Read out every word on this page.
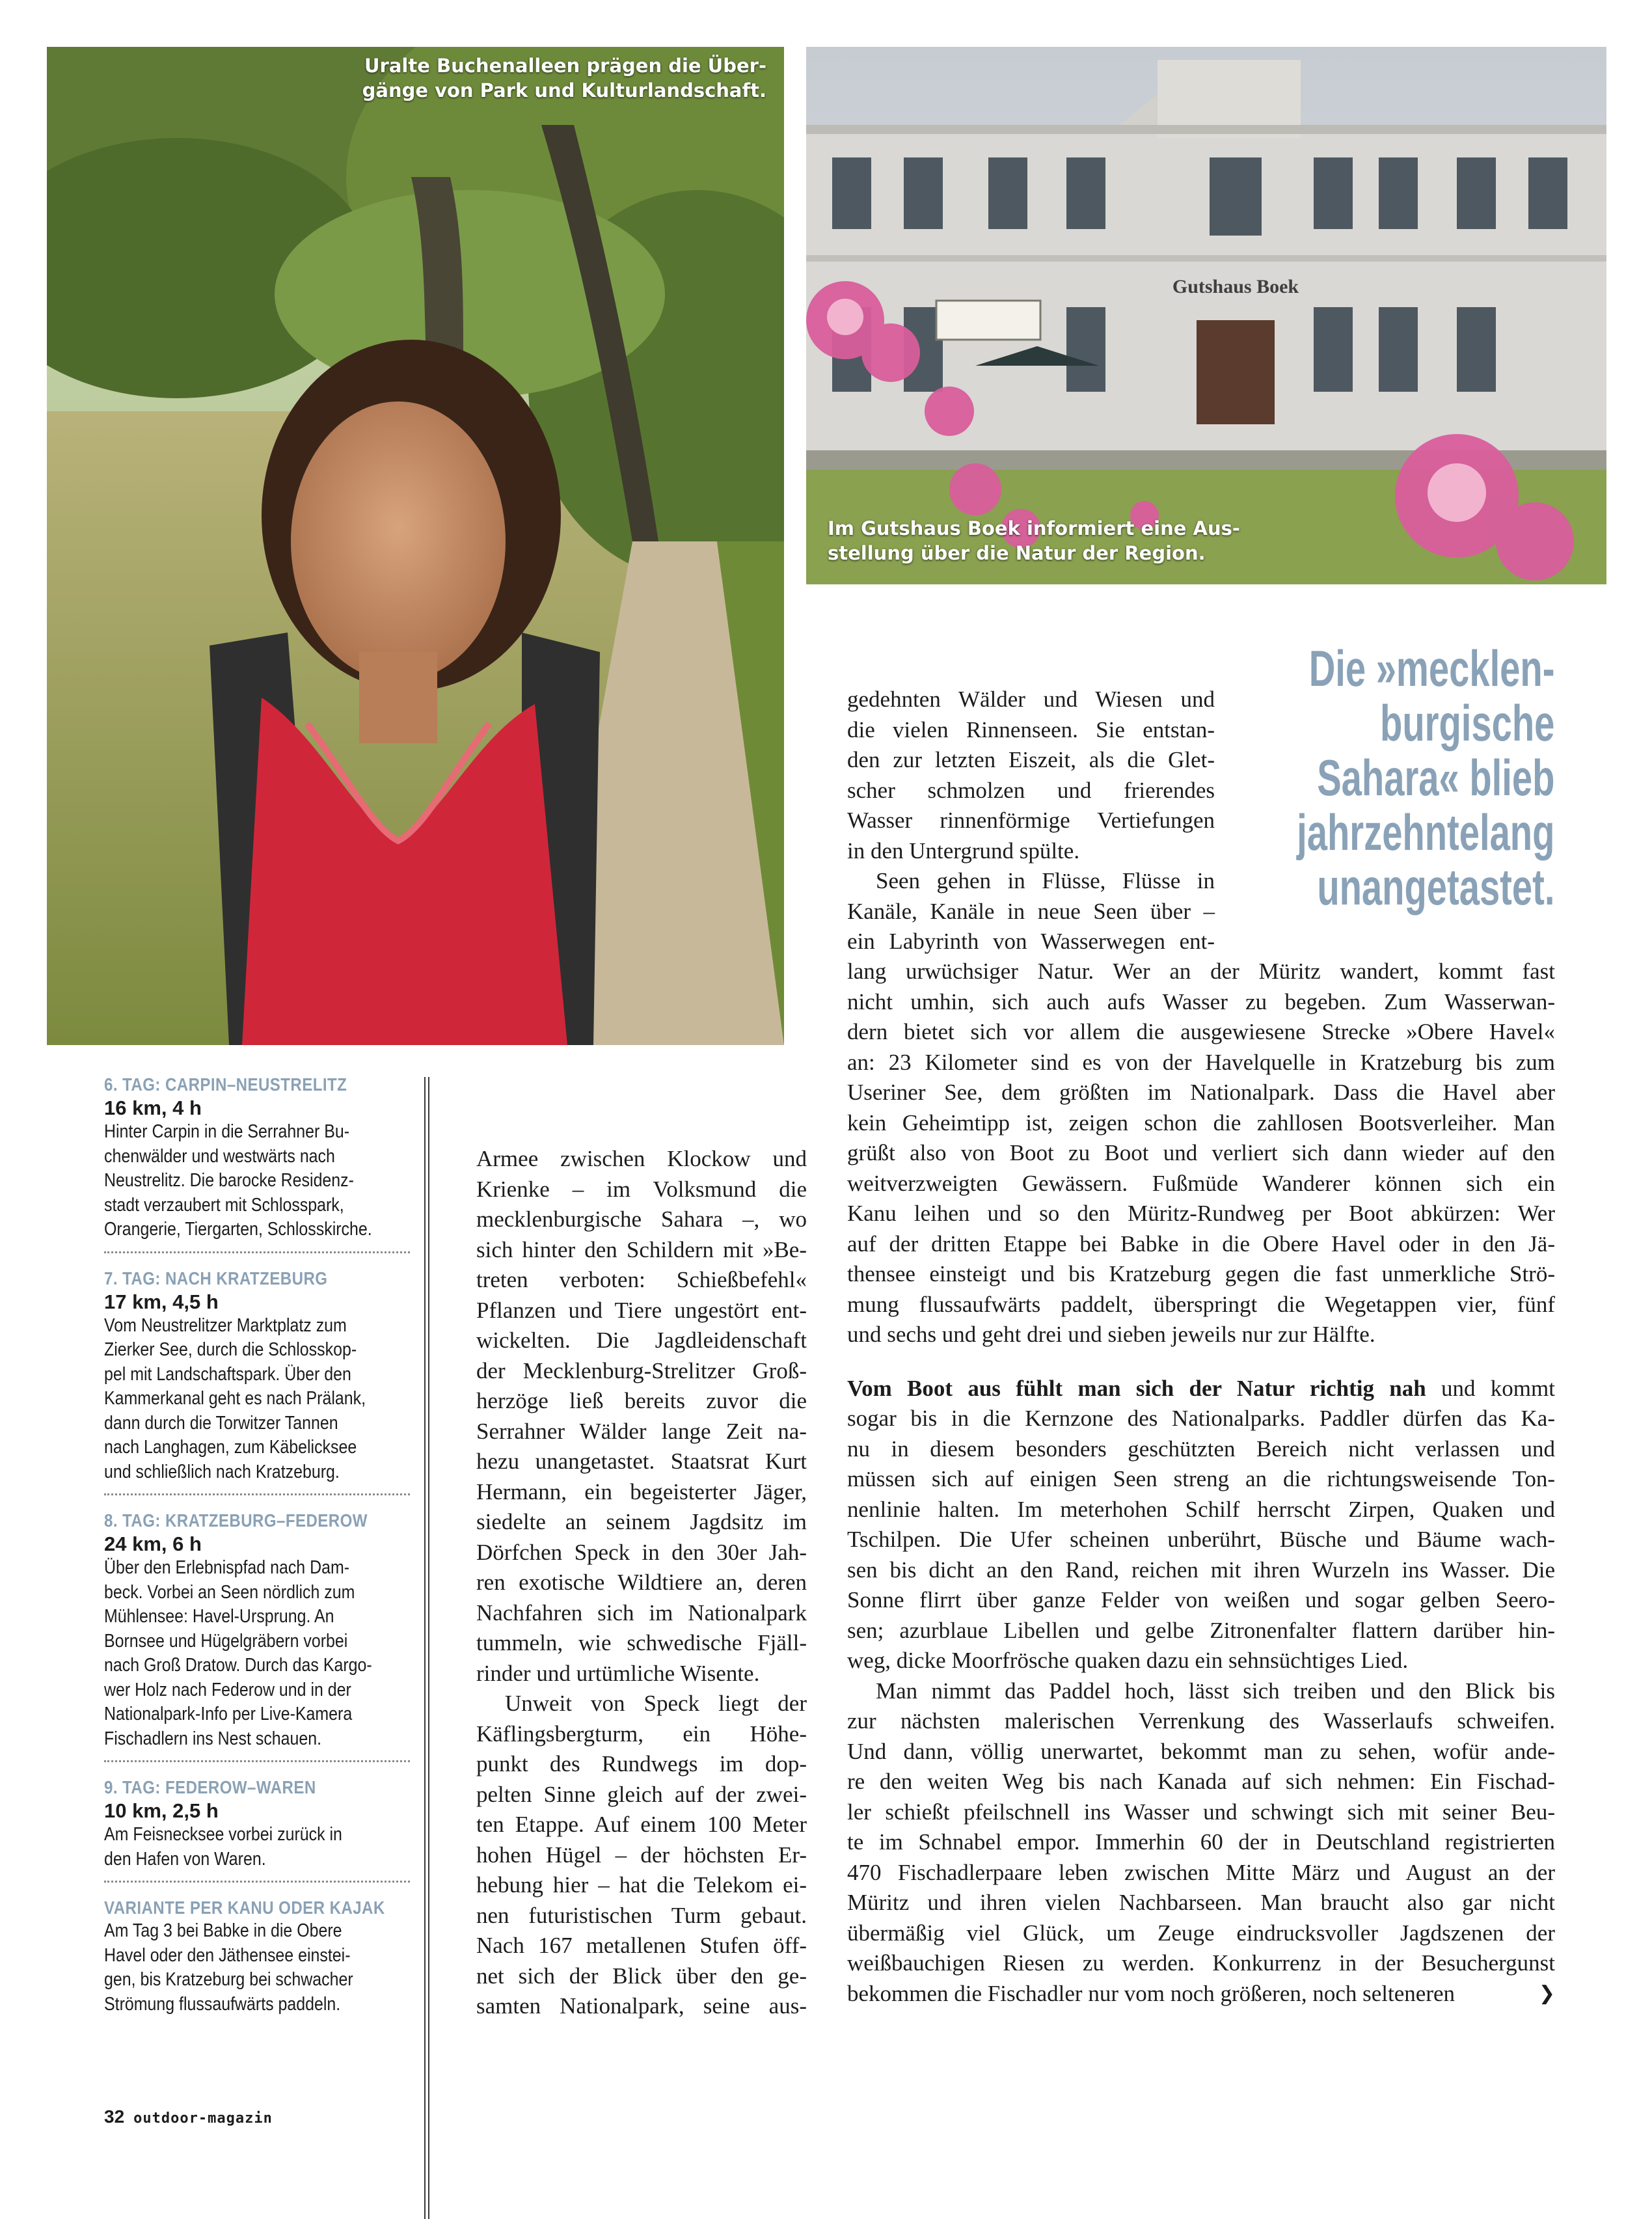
Uralte Buchenalleen prägen die Über-
gänge von Park und Kulturlandschaft.
Gutshaus Boek
Im Gutshaus Boek informiert eine Aus-
stellung über die Natur der Region.
6. TAG: CARPIN–NEUSTRELITZ
16 km, 4 h
Hinter Carpin in die Serrahner Bu-
chenwälder und westwärts nach
Neustrelitz. Die barocke Residenz-
stadt verzaubert mit Schlosspark,
Orangerie, Tiergarten, Schlosskirche.
7. TAG: NACH KRATZEBURG
17 km, 4,5 h
Vom Neustrelitzer Marktplatz zum
Zierker See, durch die Schlosskop-
pel mit Landschaftspark. Über den
Kammerkanal geht es nach Prälank,
dann durch die Torwitzer Tannen
nach Langhagen, zum Käbelicksee
und schließlich nach Kratzeburg.
8. TAG: KRATZEBURG–FEDEROW
24 km, 6 h
Über den Erlebnispfad nach Dam-
beck. Vorbei an Seen nördlich zum
Mühlensee: Havel-Ursprung. An
Bornsee und Hügelgräbern vorbei
nach Groß Dratow. Durch das Kargo-
wer Holz nach Federow und in der
Nationalpark-Info per Live-Kamera
Fischadlern ins Nest schauen.
9. TAG: FEDEROW–WAREN
10 km, 2,5 h
Am Feisnecksee vorbei zurück in
den Hafen von Waren.
VARIANTE PER KANU ODER KAJAK
Am Tag 3 bei Babke in die Obere
Havel oder den Jäthensee einstei-
gen, bis Kratzeburg bei schwacher
Strömung flussaufwärts paddeln.
Armee zwischen Klockow und
Krienke – im Volksmund die
mecklenburgische Sahara –, wo
sich hinter den Schildern mit »Be-
treten verboten: Schießbefehl«
Pflanzen und Tiere ungestört ent-
wickelten. Die Jagdleidenschaft
der Mecklenburg-Strelitzer Groß-
herzöge ließ bereits zuvor die
Serrahner Wälder lange Zeit na-
hezu unangetastet. Staatsrat Kurt
Hermann, ein begeisterter Jäger,
siedelte an seinem Jagdsitz im
Dörfchen Speck in den 30er Jah-
ren exotische Wildtiere an, deren
Nachfahren sich im Nationalpark
tummeln, wie schwedische Fjäll-
rinder und urtümliche Wisente.
Unweit von Speck liegt der
Käflingsbergturm, ein Höhe-
punkt des Rundwegs im dop-
pelten Sinne gleich auf der zwei-
ten Etappe. Auf einem 100 Meter
hohen Hügel – der höchsten Er-
hebung hier – hat die Telekom ei-
nen futuristischen Turm gebaut.
Nach 167 metallenen Stufen öff-
net sich der Blick über den ge-
samten Nationalpark, seine aus-
gedehnten Wälder und Wiesen und
die vielen Rinnenseen. Sie entstan-
den zur letzten Eiszeit, als die Glet-
scher schmolzen und frierendes
Wasser rinnenförmige Vertiefungen
in den Untergrund spülte.
Seen gehen in Flüsse, Flüsse in
Kanäle, Kanäle in neue Seen über –
ein Labyrinth von Wasserwegen ent-
Die »mecklen-
burgische
Sahara« blieb
jahrzehntelang
unangetastet.
lang urwüchsiger Natur. Wer an der Müritz wandert, kommt fast
nicht umhin, sich auch aufs Wasser zu begeben. Zum Wasserwan-
dern bietet sich vor allem die ausgewiesene Strecke »Obere Havel«
an: 23 Kilometer sind es von der Havelquelle in Kratzeburg bis zum
Useriner See, dem größten im Nationalpark. Dass die Havel aber
kein Geheimtipp ist, zeigen schon die zahllosen Bootsverleiher. Man
grüßt also von Boot zu Boot und verliert sich dann wieder auf den
weitverzweigten Gewässern. Fußmüde Wanderer können sich ein
Kanu leihen und so den Müritz-Rundweg per Boot abkürzen: Wer
auf der dritten Etappe bei Babke in die Obere Havel oder in den Jä-
thensee einsteigt und bis Kratzeburg gegen die fast unmerkliche Strö-
mung flussaufwärts paddelt, überspringt die Wegetappen vier, fünf
und sechs und geht drei und sieben jeweils nur zur Hälfte.
Vom Boot aus fühlt man sich der Natur richtig nah und kommt
sogar bis in die Kernzone des Nationalparks. Paddler dürfen das Ka-
nu in diesem besonders geschützten Bereich nicht verlassen und
müssen sich auf einigen Seen streng an die richtungsweisende Ton-
nenlinie halten. Im meterhohen Schilf herrscht Zirpen, Quaken und
Tschilpen. Die Ufer scheinen unberührt, Büsche und Bäume wach-
sen bis dicht an den Rand, reichen mit ihren Wurzeln ins Wasser. Die
Sonne flirrt über ganze Felder von weißen und sogar gelben Seero-
sen; azurblaue Libellen und gelbe Zitronenfalter flattern darüber hin-
weg, dicke Moorfrösche quaken dazu ein sehnsüchtiges Lied.
Man nimmt das Paddel hoch, lässt sich treiben und den Blick bis
zur nächsten malerischen Verrenkung des Wasserlaufs schweifen.
Und dann, völlig unerwartet, bekommt man zu sehen, wofür ande-
re den weiten Weg bis nach Kanada auf sich nehmen: Ein Fischad-
ler schießt pfeilschnell ins Wasser und schwingt sich mit seiner Beu-
te im Schnabel empor. Immerhin 60 der in Deutschland registrierten
470 Fischadlerpaare leben zwischen Mitte März und August an der
Müritz und ihren vielen Nachbarseen. Man braucht also gar nicht
übermäßig viel Glück, um Zeuge eindrucksvoller Jagdszenen der
weißbauchigen Riesen zu werden. Konkurrenz in der Besuchergunst
bekommen die Fischadler nur vom noch größeren, noch selteneren	❯
32 outdoor-magazin
